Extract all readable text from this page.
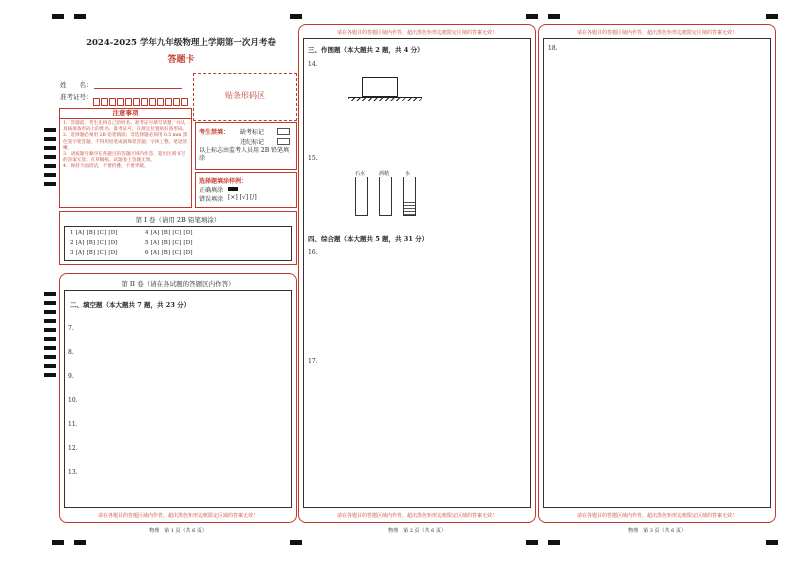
2024-2025 学年九年级物理上学期第一次月考卷
答题卡
姓　　名：
准考证号：	贴条形码区
注意事项
1．答题前，考生先将自己的姓名、准考证号填写清楚，并认真核准条形码上的姓名、准考证号，在规定位置贴好条形码。
2．选择题必须用 2B 铅笔填涂；非选择题必须用 0.5 mm 黑色签字笔答题，不得用铅笔或圆珠笔答题；字体工整、笔迹清晰。
3．请按题号顺序在各题目的答题区域内作答，超出区域书写的答案无效；在草稿纸、试题卷上答题无效。
4．保持卡面清洁，不要折叠、不要弄破。
考生禁填： 缺考标记
违纪标记
以上标志由监考人员用 2B 铅笔填涂
选择题填涂样例：
正确填涂
错误填涂 [×] [√] [/]
第 I 卷（请用 2B 铅笔填涂）
1 [A] [B] [C] [D]
2 [A] [B] [C] [D]
3 [A] [B] [C] [D]
4 [A] [B] [C] [D]
5 [A] [B] [C] [D]
6 [A] [B] [C] [D]
第 II 卷（请在各试题的答题区内作答）
二、填空题（本大题共 7 题，共 23 分）
7.
8.
9.
10.
11.
12.
13.
请在各题目的答题区域内作答，超出黑色矩形边框限定区域的答案无效！
物理　第 1 页（共 6 页）
请在各题目的答题区域内作答，超出黑色矩形边框限定区域的答案无效！
三、作图题（本大题共 2 题，共 4 分）
14.
15.
石水	酒精	水
四、综合题（本大题共 5 题，共 31 分）
16.
17.
请在各题目的答题区域内作答，超出黑色矩形边框限定区域的答案无效！
物理　第 2 页（共 6 页）
请在各题目的答题区域内作答，超出黑色矩形边框限定区域的答案无效！
18.
请在各题目的答题区域内作答，超出黑色矩形边框限定区域的答案无效！
物理　第 3 页（共 6 页）
